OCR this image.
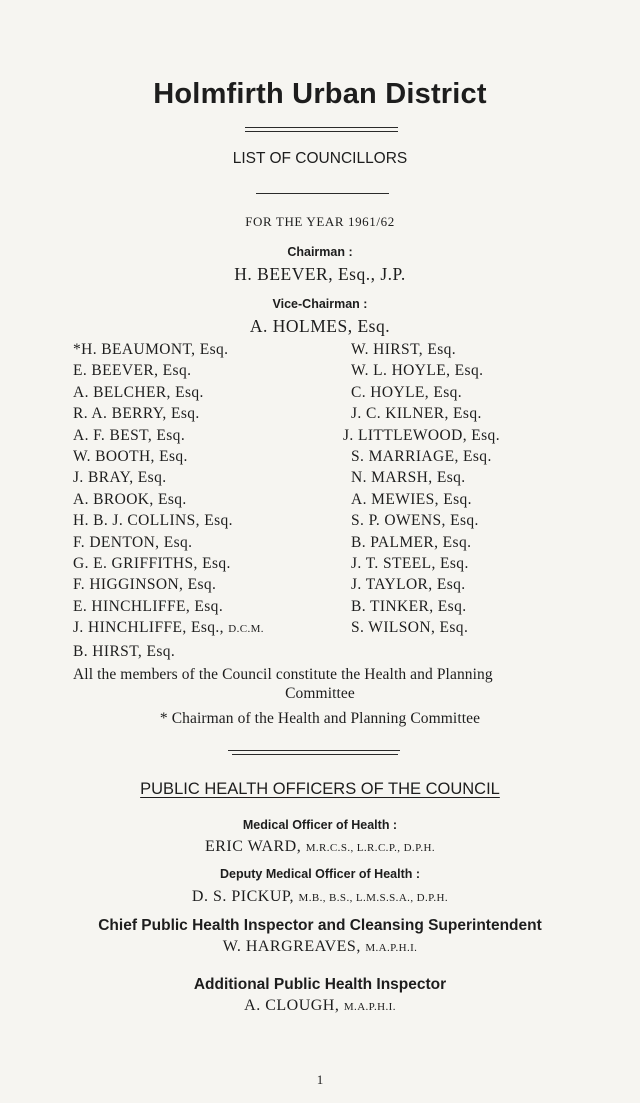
Holmfirth Urban District
LIST OF COUNCILLORS
FOR THE YEAR 1961/62
Chairman :
H. BEEVER, Esq., J.P.
Vice-Chairman :
A. HOLMES, Esq.
*H. BEAUMONT, Esq.
E. BEEVER, Esq.
A. BELCHER, Esq.
R. A. BERRY, Esq.
A. F. BEST, Esq.
W. BOOTH, Esq.
J. BRAY, Esq.
A. BROOK, Esq.
H. B. J. COLLINS, Esq.
F. DENTON, Esq.
G. E. GRIFFITHS, Esq.
F. HIGGINSON, Esq.
E. HINCHLIFFE, Esq.
J. HINCHLIFFE, Esq., D.C.M.
B. HIRST, Esq.
W. HIRST, Esq.
W. L. HOYLE, Esq.
C. HOYLE, Esq.
J. C. KILNER, Esq.
J. LITTLEWOOD, Esq.
S. MARRIAGE, Esq.
N. MARSH, Esq.
A. MEWIES, Esq.
S. P. OWENS, Esq.
B. PALMER, Esq.
J. T. STEEL, Esq.
J. TAYLOR, Esq.
B. TINKER, Esq.
S. WILSON, Esq.
All the members of the Council constitute the Health and Planning
Committee
* Chairman of the Health and Planning Committee
PUBLIC HEALTH OFFICERS OF THE COUNCIL
Medical Officer of Health :
ERIC WARD, M.R.C.S., L.R.C.P., D.P.H.
Deputy Medical Officer of Health :
D. S. PICKUP, M.B., B.S., L.M.S.S.A., D.P.H.
Chief Public Health Inspector and Cleansing Superintendent
W. HARGREAVES, M.A.P.H.I.
Additional Public Health Inspector
A. CLOUGH, M.A.P.H.I.
1
